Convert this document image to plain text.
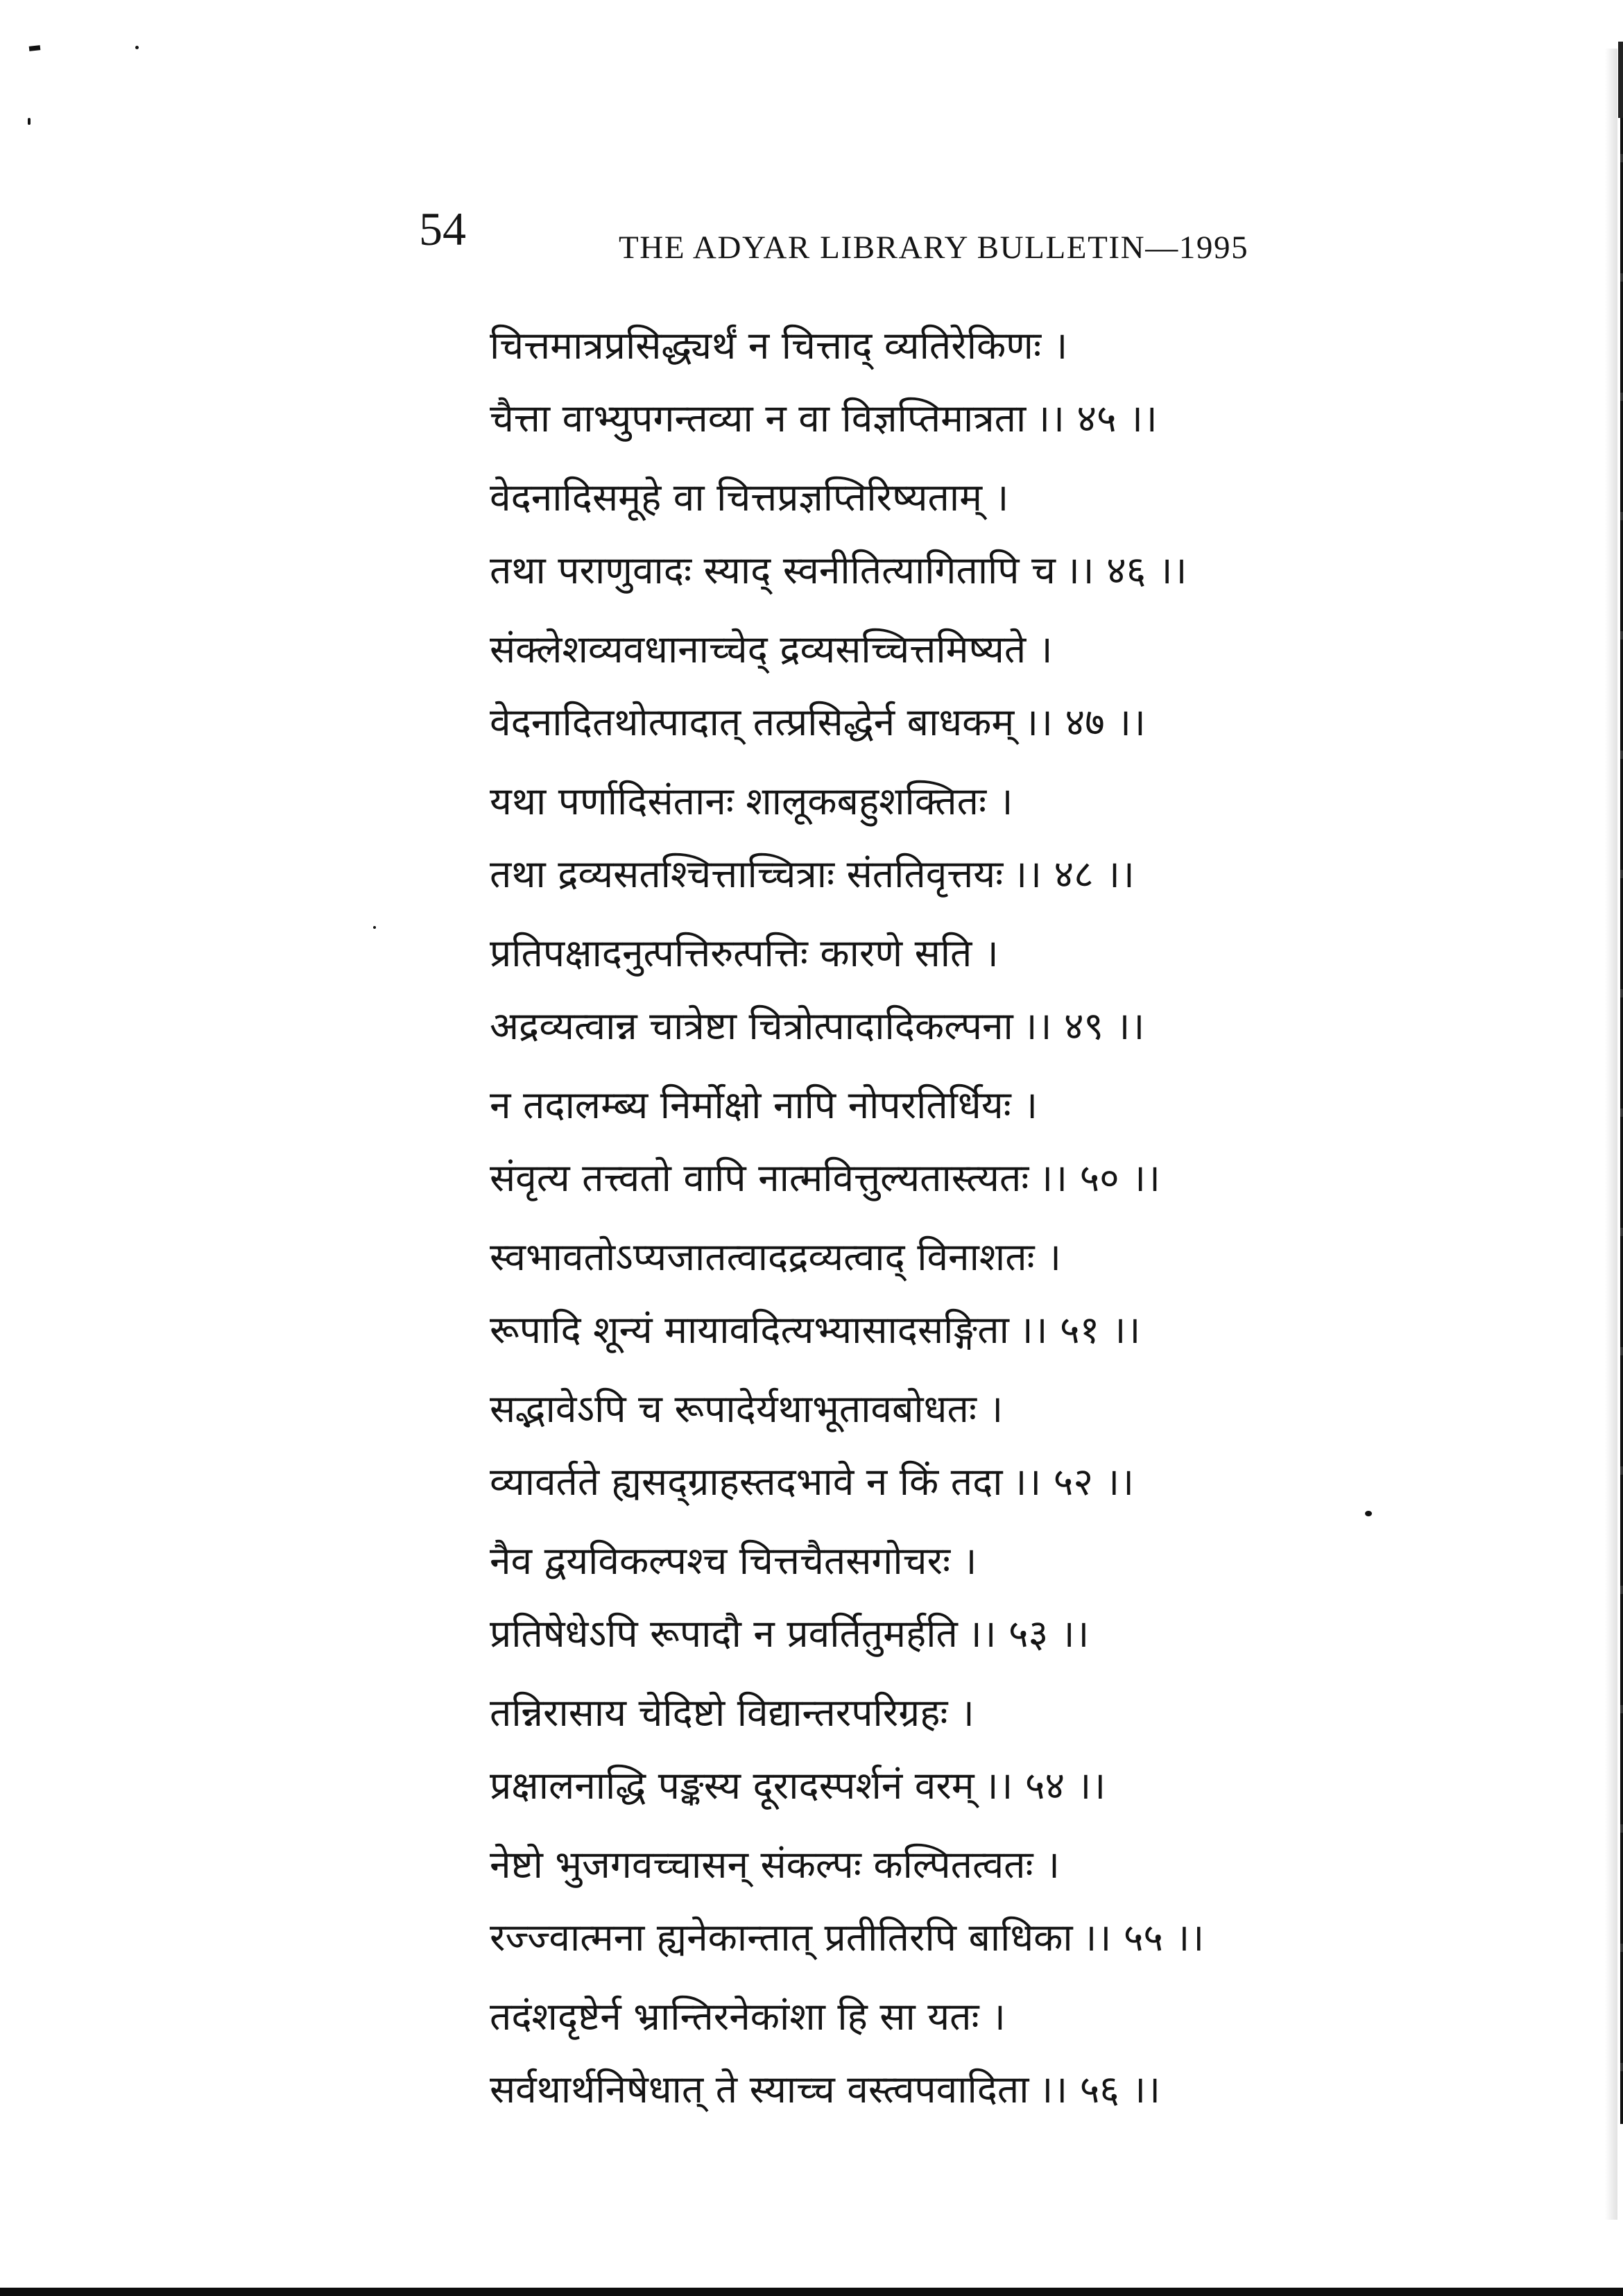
54	THE ADYAR LIBRARY BULLETIN—1995
चित्तमात्रप्रसिद्ध्यर्थं न चित्ताद् व्यतिरेकिणः ।
चैत्ता वाभ्युपगन्तव्या न वा विज्ञप्तिमात्रता ।। ४५ ।।
वेदनादिसमूहे वा चित्तप्रज्ञप्तिरिष्यताम् ।
तथा पराणुवादः स्याद् स्वनीतित्यागितापि च ।। ४६ ।।
संक्लेशव्यवधानाच्चेद् द्रव्यसच्चित्तमिष्यते ।
वेदनादितथोत्पादात् तत्प्रसिद्धेर्न बाधकम् ।। ४७ ।।
यथा पर्णादिसंतानः शालूकबहुशक्तितः ।
तथा द्रव्यसतश्चित्ताच्चित्राः संततिवृत्तयः ।। ४८ ।।
प्रतिपक्षादनुत्पत्तिरुत्पत्तिः कारणे सति ।
अद्रव्यत्वान्न चात्रेष्टा चित्रोत्पादादिकल्पना ।। ४९ ।।
न तदालम्ब्य निर्मोक्षो नापि नोपरतिर्धियः ।
संवृत्य तत्त्वतो वापि नात्मवित्तुल्यतास्त्यतः ।। ५० ।।
स्वभावतोऽप्यजातत्वादद्रव्यत्वाद् विनाशतः ।
रूपादि शून्यं मायावदित्यभ्यासादसङ्गिता ।। ५१ ।।
सद्भावेऽपि च रूपादेर्यथाभूतावबोधतः ।
व्यावर्तते ह्यसद्ग्राहस्तदभावे न किं तदा ।। ५२ ।।
नैव द्वयविकल्पश्च चित्तचैतसगोचरः ।
प्रतिषेधेऽपि रूपादौ न प्रवर्तितुमर्हति ।। ५३ ।।
तन्निरासाय चेदिष्टो विद्यान्तरपरिग्रहः ।
प्रक्षालनाद्धि पङ्कस्य दूरादस्पर्शनं वरम् ।। ५४ ।।
नेष्टो भुजगवच्चासन् संकल्पः कल्पितत्वतः ।
रज्ज्वात्मना ह्यनेकान्तात् प्रतीतिरपि बाधिका ।। ५५ ।।
तदंशदृष्टेर्न भ्रान्तिरनेकांशा हि सा यतः ।
सर्वथार्थनिषेधात् ते स्याच्च वस्त्वपवादिता ।। ५६ ।।
